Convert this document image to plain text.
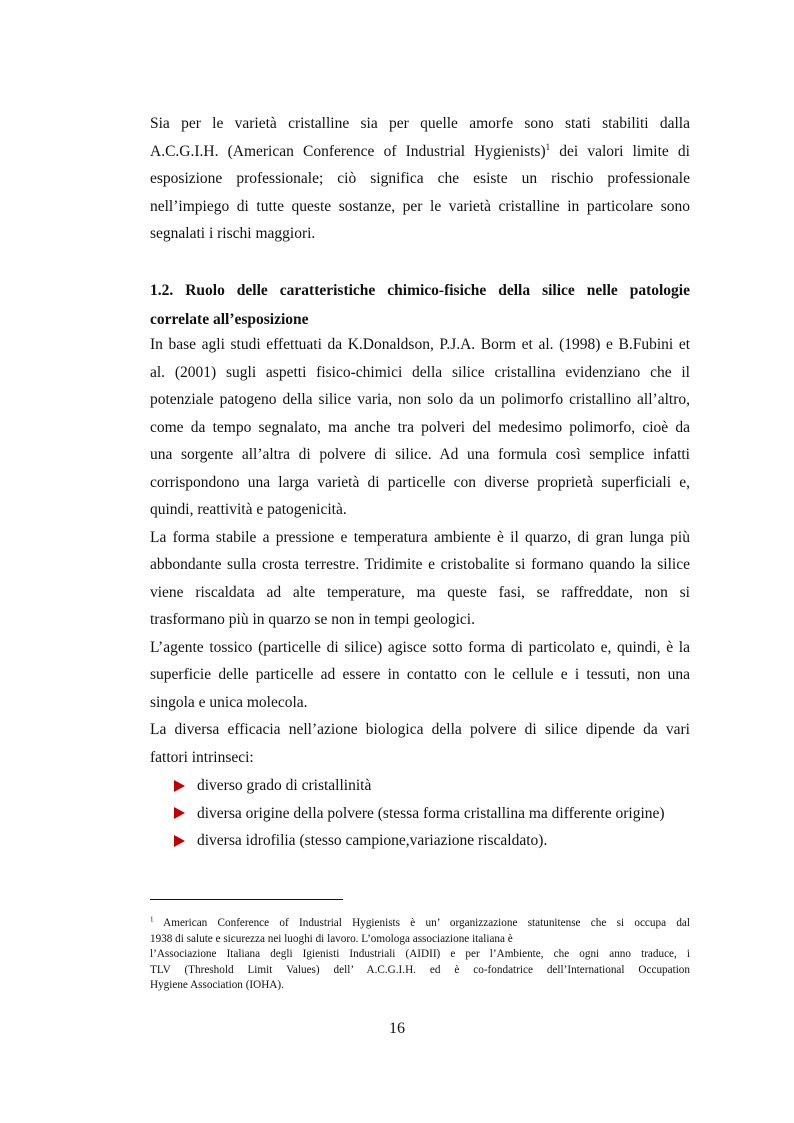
Sia per le varietà cristalline sia per quelle amorfe sono stati stabiliti dalla
A.C.G.I.H. (American Conference of Industrial Hygienists)$^1$ dei valori limite di
esposizione professionale; ciò significa che esiste un rischio professionale
nell’impiego di tutte queste sostanze, per le varietà cristalline in particolare sono
segnalati i rischi maggiori.
1.2. Ruolo delle caratteristiche chimico-fisiche della silice nelle patologie
correlate all’esposizione
In base agli studi effettuati da K.Donaldson, P.J.A. Borm et al. (1998) e B.Fubini et
al. (2001) sugli aspetti fisico-chimici della silice cristallina evidenziano che il
potenziale patogeno della silice varia, non solo da un polimorfo cristallino all’altro,
come da tempo segnalato, ma anche tra polveri del medesimo polimorfo, cioè da
una sorgente all’altra di polvere di silice. Ad una formula così semplice infatti
corrispondono una larga varietà di particelle con diverse proprietà superficiali e,
quindi, reattività e patogenicità.
La forma stabile a pressione e temperatura ambiente è il quarzo, di gran lunga più
abbondante sulla crosta terrestre. Tridimite e cristobalite si formano quando la silice
viene riscaldata ad alte temperature, ma queste fasi, se raffreddate, non si
trasformano più in quarzo se non in tempi geologici.
L’agente tossico (particelle di silice) agisce sotto forma di particolato e, quindi, è la
superficie delle particelle ad essere in contatto con le cellule e i tessuti, non una
singola e unica molecola.
La diversa efficacia nell’azione biologica della polvere di silice dipende da vari
fattori intrinseci:
diverso grado di cristallinità
diversa origine della polvere (stessa forma cristallina ma differente origine)
diversa idrofilia (stesso campione,variazione riscaldato).
$^1$ American Conference of Industrial Hygienists è un’ organizzazione statunitense che si occupa dal
1938 di salute e sicurezza nei luoghi di lavoro. L’omologa associazione italiana è
l’Associazione Italiana degli Igienisti Industriali (AIDII) e per l’Ambiente, che ogni anno traduce, i
TLV (Threshold Limit Values) dell’ A.C.G.I.H. ed è co-fondatrice dell’International Occupation
Hygiene Association (IOHA).
16
